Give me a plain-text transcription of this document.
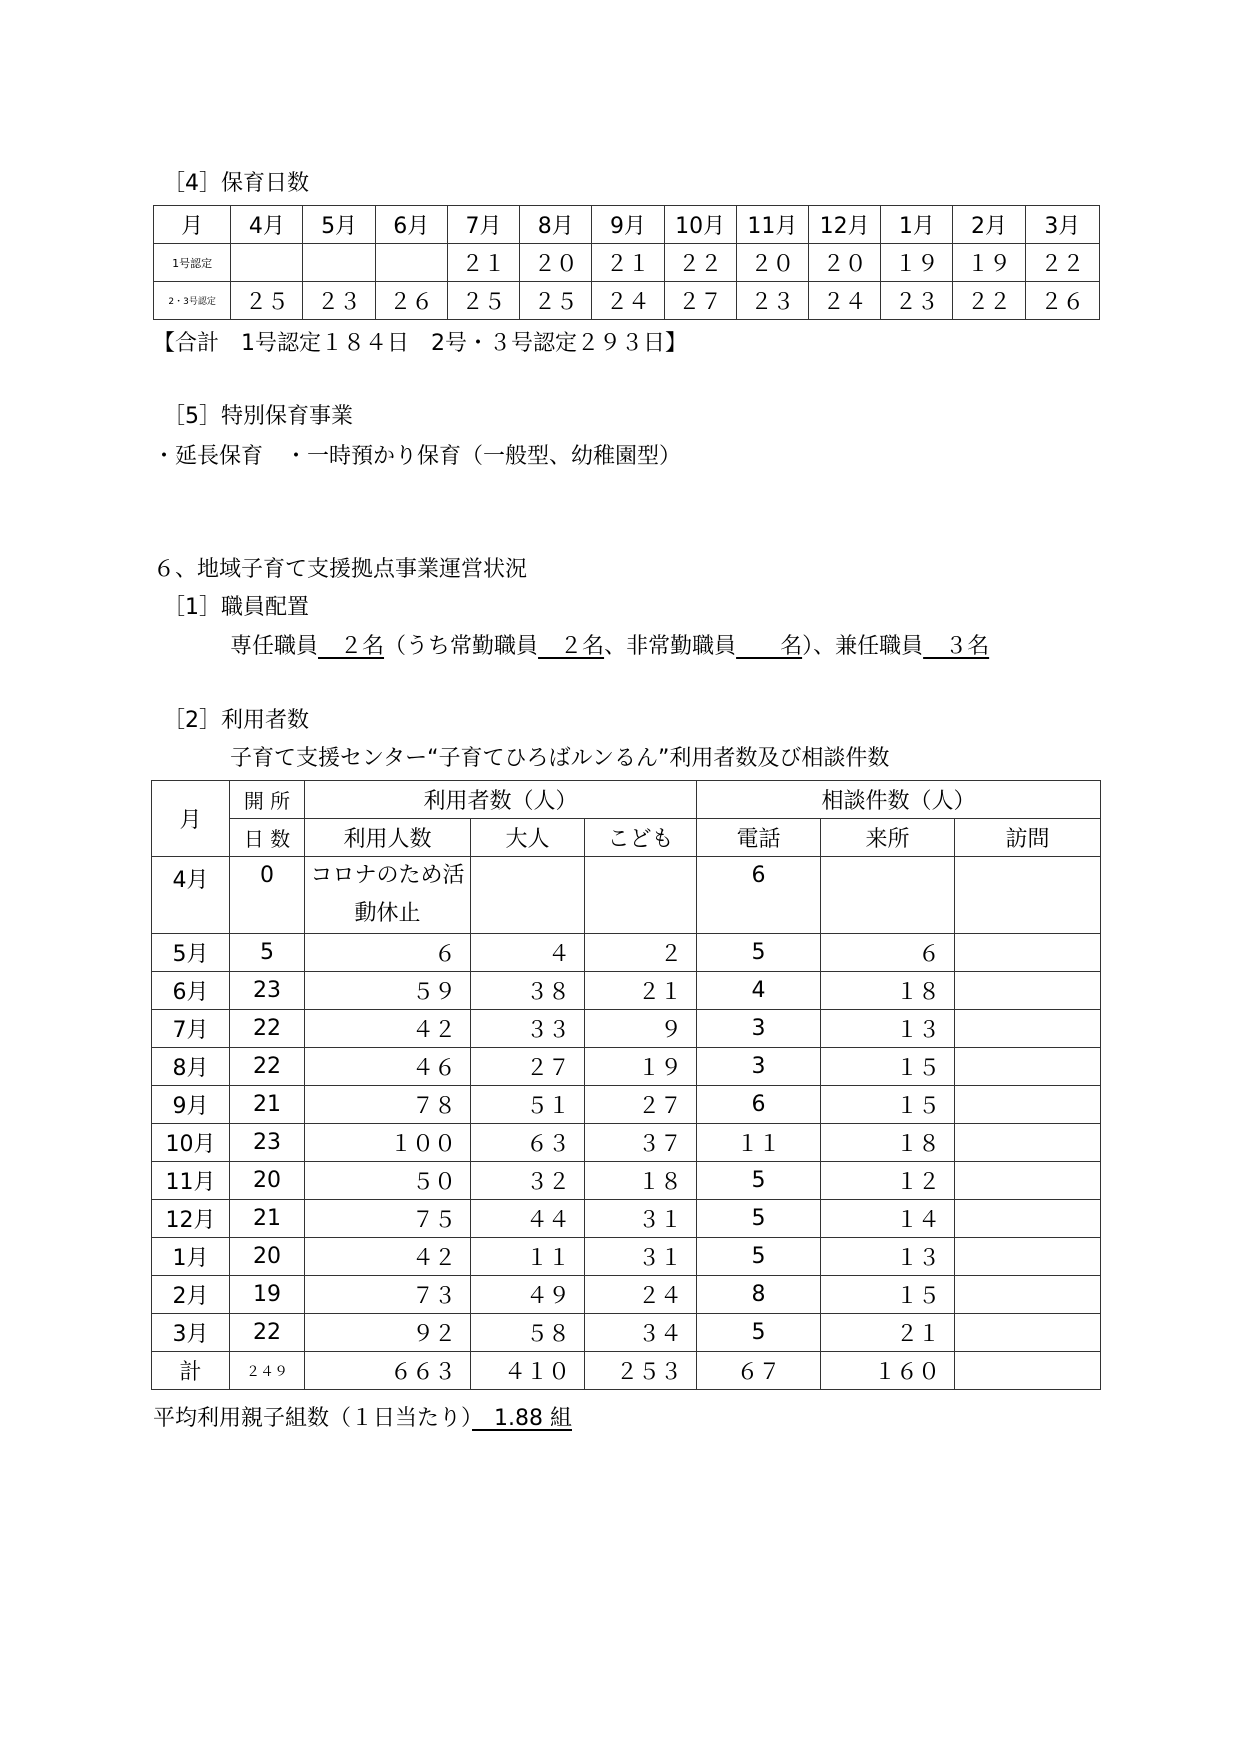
［4］保育日数
月	4月	5月	6月	7月	8月	9月	10月	11月	12月	1月	2月	3月
1号認定				２１	２０	２１	２２	２０	２０	１９	１９	２２
2・3号認定	２５	２３	２６	２５	２５	２４	２７	２３	２４	２３	２２	２６
【合計　1号認定１８４日　2号・３号認定２９３日】
［5］特別保育事業
・延長保育　・一時預かり保育（一般型、幼稚園型）
６、地域子育て支援拠点事業運営状況
［1］職員配置
専任職員　２名（うち常勤職員　２名、非常勤職員　　名）、兼任職員　３名
［2］利用者数
子育て支援センター“子育てひろばルンるん”利用者数及び相談件数
月	開 所	利用者数（人）			相談件数（人）		
	日 数	利用人数	大人	こども	電話	来所	訪問
4月	0	コロナのため活動休止			6		
5月	5	６	４	２	5	６	
6月	23	５９	３８	２１	4	１８	
7月	22	４２	３３	９	3	１３	
8月	22	４６	２７	１９	3	１５	
9月	21	７８	５１	２７	6	１５	
10月	23	１００	６３	３７	１１	１８	
11月	20	５０	３２	１８	5	１２	
12月	21	７５	４４	３１	5	１４	
1月	20	４２	１１	３１	5	１３	
2月	19	７３	４９	２４	8	１５	
3月	22	９２	５８	３４	5	２１	
計	２４９	６６３	４１０	２５３	６７	１６０	
平均利用親子組数（１日当たり）　1.88 組
